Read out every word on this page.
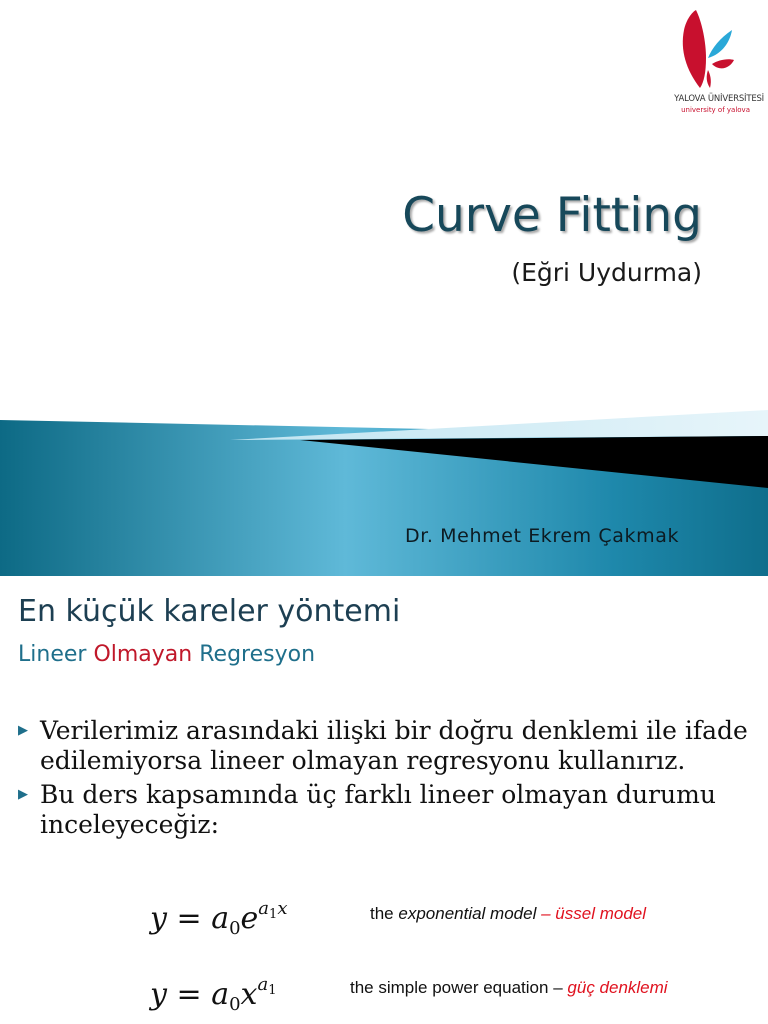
YALOVA ÜNİVERSİTESİ
university of yalova
Curve Fitting
(Eğri Uydurma)
Dr. Mehmet Ekrem Çakmak
En küçük kareler yöntemi
Lineer Olmayan Regresyon
▶ Verilerimiz arasındaki ilişki bir doğru denklemi ile ifade edilemiyorsa lineer olmayan regresyonu kullanırız.
▶ Bu ders kapsamında üç farklı lineer olmayan durumu inceleyeceğiz:
$y = a_0e^{a_1x}$	the exponential model – üssel model
$y = a_0x^{a_1}$	the simple power equation – güç denklemi
